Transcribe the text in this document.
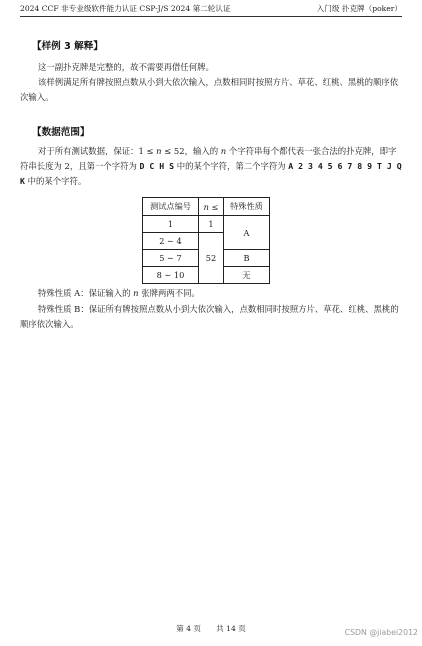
2024 CCF 非专业级软件能力认证 CSP-J/S 2024 第二轮认证	入门级 扑克牌（poker）
【样例 3 解释】
这一副扑克牌是完整的，故不需要再借任何牌。
该样例满足所有牌按照点数从小到大依次输入，点数相同时按照方片、草花、红桃、黑桃的顺序依次输入。
【数据范围】
对于所有测试数据，保证：1 ≤ n ≤ 52，输入的 n 个字符串每个都代表一张合法的扑克牌，即字符串长度为 2，且第一个字符为 D C H S 中的某个字符，第二个字符为 A 2 3 4 5 6 7 8 9 T J Q K 中的某个字符。
测试点编号	n ≤	特殊性质
1	1	A
2 ∼ 4	52	
5 ∼ 7		B
8 ∼ 10		无
特殊性质 A：保证输入的 n 张牌两两不同。
特殊性质 B：保证所有牌按照点数从小到大依次输入，点数相同时按照方片、草花、红桃、黑桃的顺序依次输入。
第 4 页　　共 14 页	CSDN @jiabei2012
